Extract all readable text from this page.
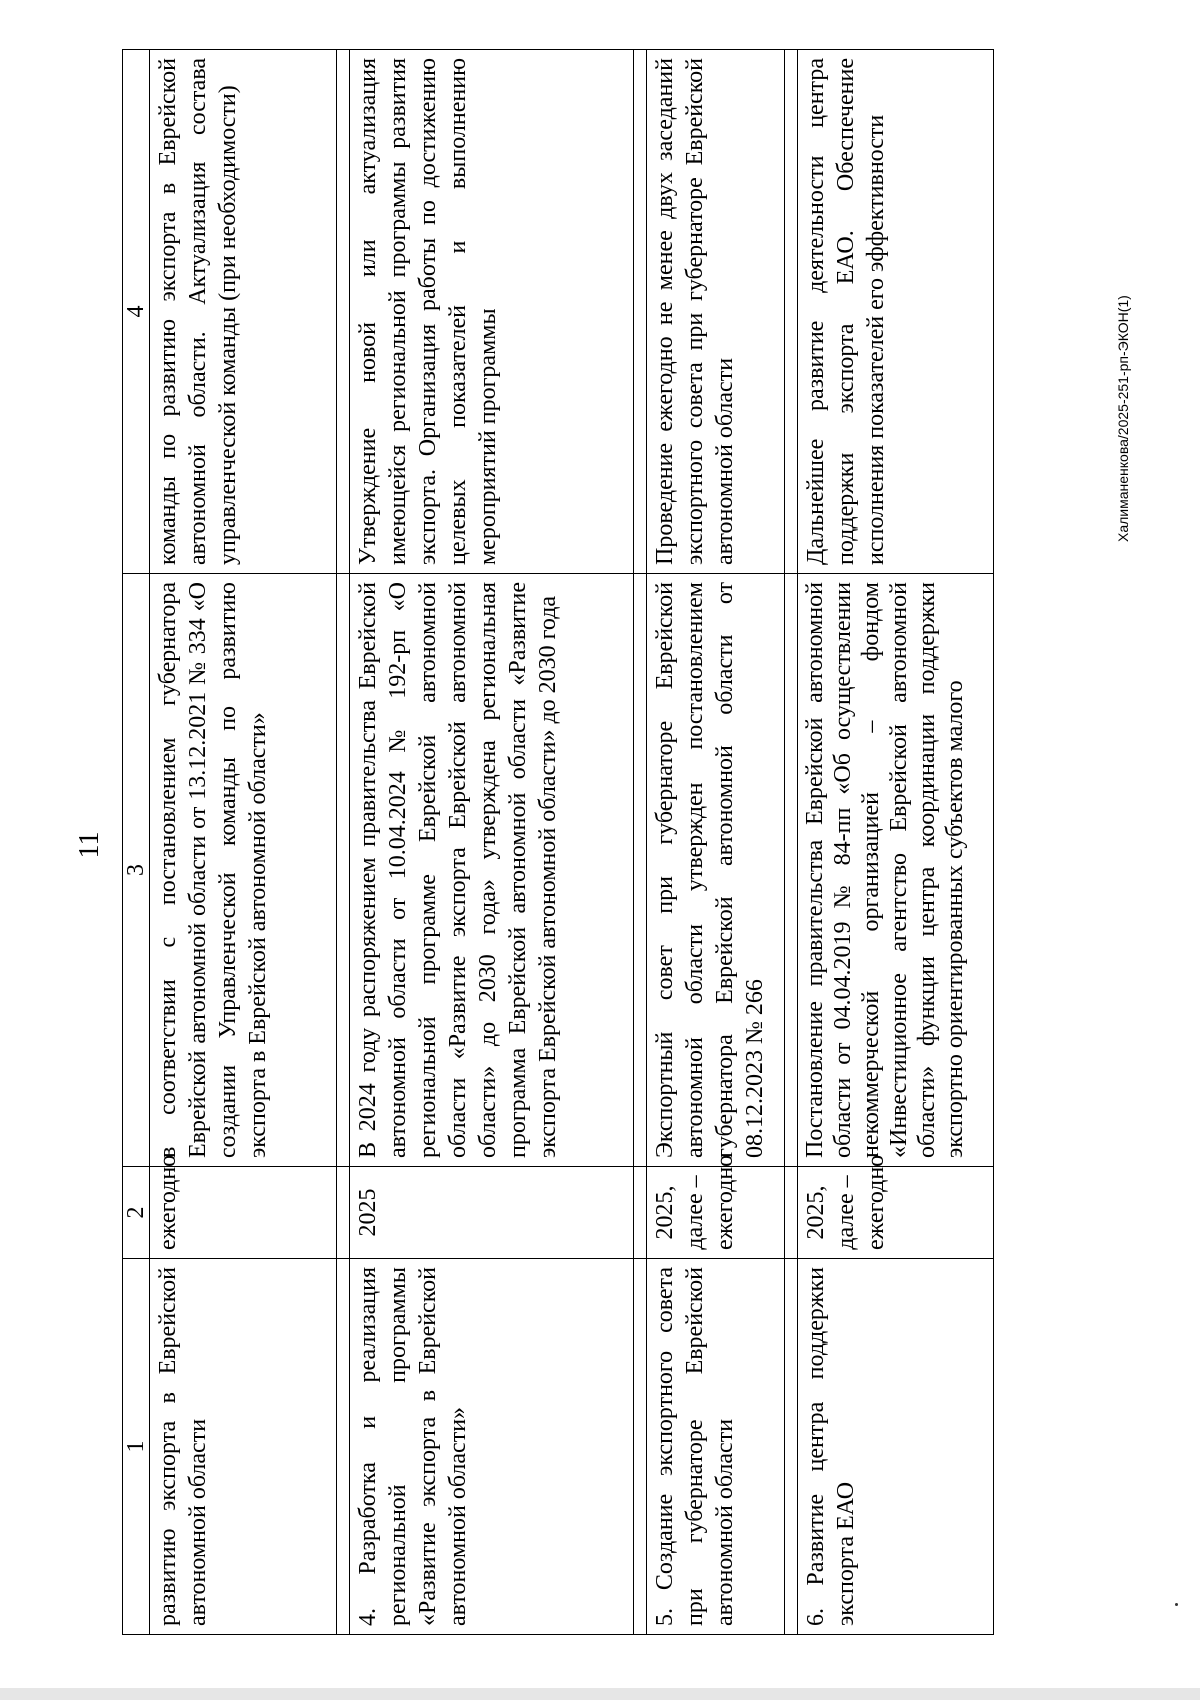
11
1	2	3	4
развитию экспорта в Еврейской автономной области	ежегодно	в соответствии с постановлением губернатора Еврейской автономной области от 13.12.2021 № 334 «О создании Управленческой команды по развитию экспорта в Еврейской автономной области»	команды по развитию экспорта в Еврейской автономной области. Актуализация состава управленческой команды (при необходимости)

4. Разработка и реализация региональной программы «Развитие экспорта в Еврейской автономной области»	2025	В 2024 году распоряжением правительства Еврейской автономной области от 10.04.2024 № 192-рп «О региональной программе Еврейской автономной области «Развитие экспорта Еврейской автономной области» до 2030 года» утверждена региональная программа Еврейской автономной области «Развитие экспорта Еврейской автономной области» до 2030 года	Утверждение новой или актуализация имеющейся региональной программы развития экспорта. Организация работы по достижению целевых показателей и выполнению мероприятий программы

5. Создание экспортного совета при губернаторе Еврейской автономной области	2025, далее – ежегодно	Экспортный совет при губернаторе Еврейской автономной области утвержден постановлением губернатора Еврейской автономной области от 08.12.2023 № 266	Проведение ежегодно не менее двух заседаний экспортного совета при губернаторе Еврейской автономной области

6. Развитие центра поддержки экспорта ЕАО	2025, далее – ежегодно	Постановление правительства Еврейской автономной области от 04.04.2019 № 84-пп «Об осуществлении некоммерческой организацией – фондом «Инвестиционное агентство Еврейской автономной области» функции центра координации поддержки экспортно ориентированных субъектов малого	Дальнейшее развитие деятельности центра поддержки экспорта ЕАО. Обеспечение исполнения показателей его эффективности	Халиманенкова/2025-251-рп-ЭКОН(1)
